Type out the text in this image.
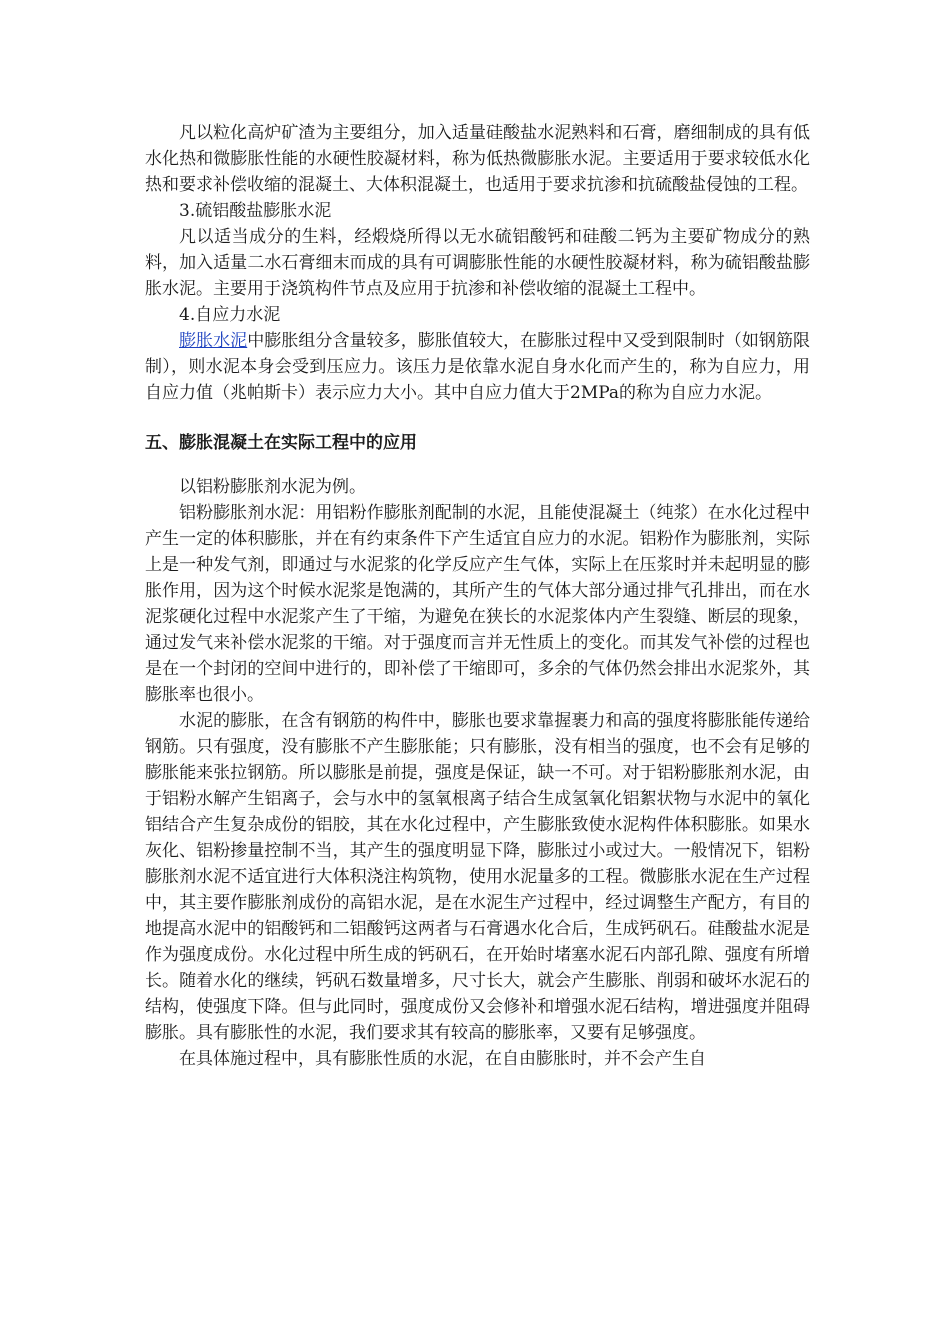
凡以粒化高炉矿渣为主要组分，加入适量硅酸盐水泥熟料和石膏，磨细制成的具有低水化热和微膨胀性能的水硬性胶凝材料，称为低热微膨胀水泥。主要适用于要求较低水化热和要求补偿收缩的混凝土、大体积混凝土，也适用于要求抗渗和抗硫酸盐侵蚀的工程。

3.硫铝酸盐膨胀水泥

凡以适当成分的生料，经煅烧所得以无水硫铝酸钙和硅酸二钙为主要矿物成分的熟料，加入适量二水石膏细末而成的具有可调膨胀性能的水硬性胶凝材料，称为硫铝酸盐膨胀水泥。主要用于浇筑构件节点及应用于抗渗和补偿收缩的混凝土工程中。

4.自应力水泥

膨胀水泥中膨胀组分含量较多，膨胀值较大，在膨胀过程中又受到限制时（如钢筋限制），则水泥本身会受到压应力。该压力是依靠水泥自身水化而产生的，称为自应力，用自应力值（兆帕斯卡）表示应力大小。其中自应力值大于2MPa的称为自应力水泥。

五、膨胀混凝土在实际工程中的应用

以铝粉膨胀剂水泥为例。

铝粉膨胀剂水泥：用铝粉作膨胀剂配制的水泥，且能使混凝土（纯浆）在水化过程中产生一定的体积膨胀，并在有约束条件下产生适宜自应力的水泥。铝粉作为膨胀剂，实际上是一种发气剂，即通过与水泥浆的化学反应产生气体，实际上在压浆时并未起明显的膨胀作用，因为这个时候水泥浆是饱满的，其所产生的气体大部分通过排气孔排出，而在水泥浆硬化过程中水泥浆产生了干缩，为避免在狭长的水泥浆体内产生裂缝、断层的现象，通过发气来补偿水泥浆的干缩。对于强度而言并无性质上的变化。而其发气补偿的过程也是在一个封闭的空间中进行的，即补偿了干缩即可，多余的气体仍然会排出水泥浆外，其膨胀率也很小。

水泥的膨胀，在含有钢筋的构件中，膨胀也要求靠握裹力和高的强度将膨胀能传递给钢筋。只有强度，没有膨胀不产生膨胀能；只有膨胀，没有相当的强度，也不会有足够的膨胀能来张拉钢筋。所以膨胀是前提，强度是保证，缺一不可。对于铝粉膨胀剂水泥，由于铝粉水解产生铝离子，会与水中的氢氧根离子结合生成氢氧化铝絮状物与水泥中的氧化铝结合产生复杂成份的铝胶，其在水化过程中，产生膨胀致使水泥构件体积膨胀。如果水灰化、铝粉掺量控制不当，其产生的强度明显下降，膨胀过小或过大。一般情况下，铝粉膨胀剂水泥不适宜进行大体积浇注构筑物，使用水泥量多的工程。微膨胀水泥在生产过程中，其主要作膨胀剂成份的高铝水泥，是在水泥生产过程中，经过调整生产配方，有目的地提高水泥中的铝酸钙和二铝酸钙这两者与石膏遇水化合后，生成钙矾石。硅酸盐水泥是作为强度成份。水化过程中所生成的钙矾石，在开始时堵塞水泥石内部孔隙、强度有所增长。随着水化的继续，钙矾石数量增多，尺寸长大，就会产生膨胀、削弱和破坏水泥石的结构，使强度下降。但与此同时，强度成份又会修补和增强水泥石结构，增进强度并阻碍膨胀。具有膨胀性的水泥，我们要求其有较高的膨胀率，又要有足够强度。

在具体施过程中，具有膨胀性质的水泥，在自由膨胀时，并不会产生自
